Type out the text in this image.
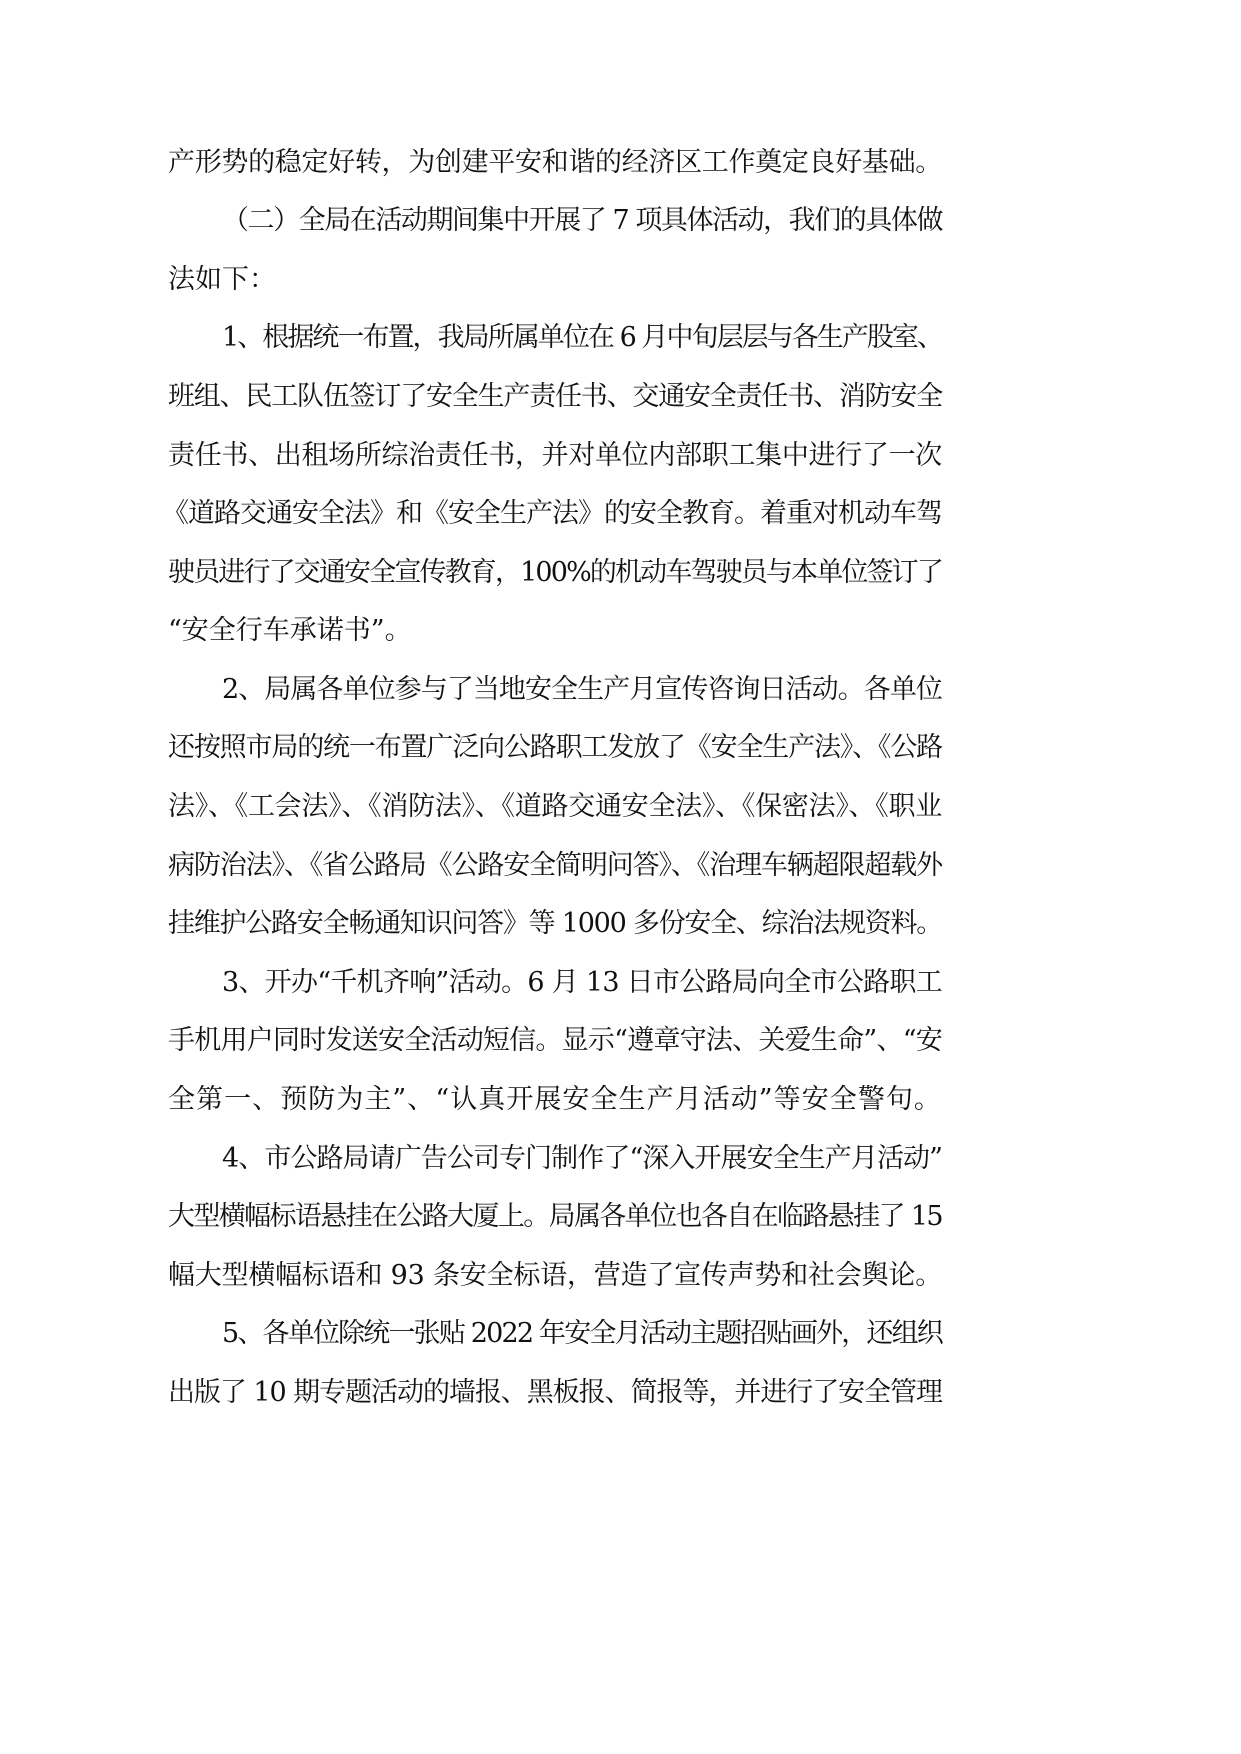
产形势的稳定好转，为创建平安和谐的经济区工作奠定良好基础。
（二）全局在活动期间集中开展了 7 项具体活动，我们的具体做
法如下：
1、根据统一布置，我局所属单位在 6 月中旬层层与各生产股室、
班组、民工队伍签订了安全生产责任书、交通安全责任书、消防安全
责任书、出租场所综治责任书，并对单位内部职工集中进行了一次
《道路交通安全法》和《安全生产法》的安全教育。着重对机动车驾
驶员进行了交通安全宣传教育，100%的机动车驾驶员与本单位签订了
“安全行车承诺书”。
2、局属各单位参与了当地安全生产月宣传咨询日活动。各单位
还按照市局的统一布置广泛向公路职工发放了《安全生产法》、《公路
法》、《工会法》、《消防法》、《道路交通安全法》、《保密法》、《职业
病防治法》、《省公路局《公路安全简明问答》、《治理车辆超限超载外
挂维护公路安全畅通知识问答》等 1000 多份安全、综治法规资料。
3、开办“千机齐响”活动。6 月 13 日市公路局向全市公路职工
手机用户同时发送安全活动短信。显示“遵章守法、关爱生命”、“安
全第一、预防为主”、“认真开展安全生产月活动”等安全警句。
4、市公路局请广告公司专门制作了“深入开展安全生产月活动”
大型横幅标语悬挂在公路大厦上。局属各单位也各自在临路悬挂了 15
幅大型横幅标语和 93 条安全标语，营造了宣传声势和社会舆论。
5、各单位除统一张贴 2022 年安全月活动主题招贴画外，还组织
出版了 10 期专题活动的墙报、黑板报、简报等，并进行了安全管理
